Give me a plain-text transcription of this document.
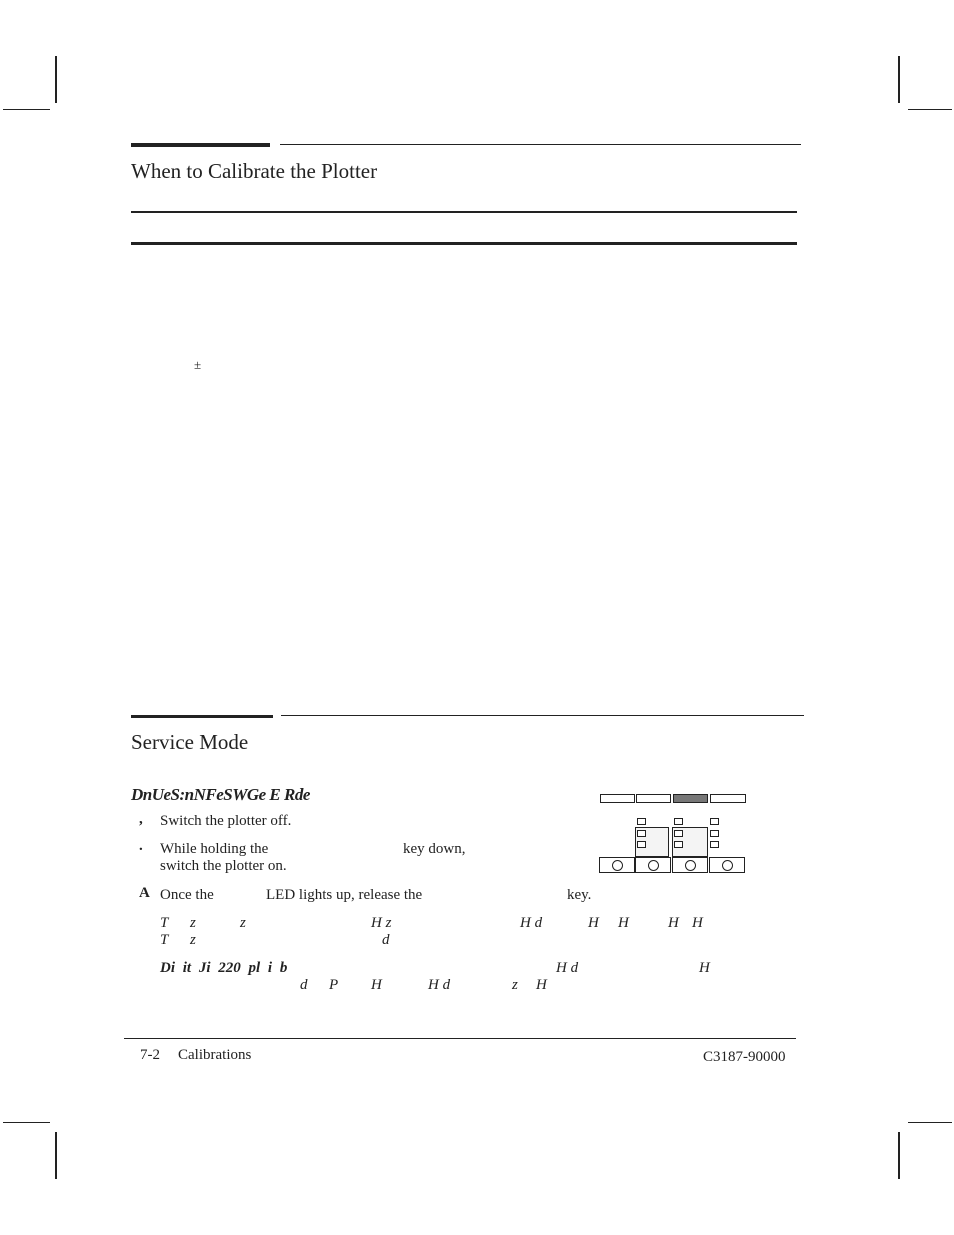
When to Calibrate the Plotter
±
Service Mode
DnUeS:nNFeSWGe E Rde
, Switch the plotter off.
. While holding the	key down,
switch the plotter on.
A Once the	LED lights up, release the	key.
T z	z	H z	H d	H H	H H
T z	d
Di it Ji 220 pl i b	H d	H
d P H	H d	z H
7-2 Calibrations	C3187-90000
